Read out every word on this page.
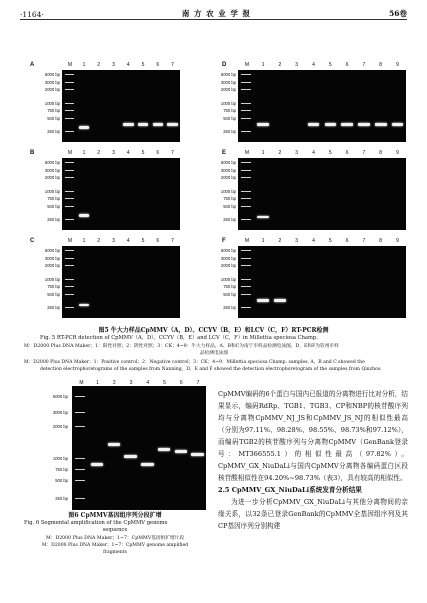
·1164·	南 方 农 业 学 报	56卷
A	M 1 2 3 4 5 6 7
5000 bp
3000 bp
2000 bp
1000 bp
750 bp
500 bp
250 bp
B	M 1 2 3 4 5 6 7
5000 bp
3000 bp
2000 bp
1000 bp
750 bp
500 bp
250 bp
C	M 1 2 3 4 5 6 7
5000 bp
3000 bp
2000 bp
1000 bp
750 bp
500 bp
250 bp
D	M	1	2	3	4	5	6	7	8	9
5000 bp
3000 bp
2000 bp
1000 bp
750 bp
500 bp
250 bp
E	M	1	2	3	4	5	6	7	8	9
5000 bp
3000 bp
2000 bp
1000 bp
750 bp
500 bp
250 bp
F	M	1	2	3	4	5	6	7	8	9
5000 bp
3000 bp
2000 bp
1000 bp
750 bp
500 bp
250 bp
图5 牛大力样品CpMMV（A，D）、CCYV（B，E）和LCV（C，F）RT-PCR检测
Fig. 5 RT-PCR detection of CpMMV（A，D），CCYV（B，E）and LCV（C，F）in Millettia speciosa Champ.
M：D2000 Plus DNA Maker；1：阳性对照；2：阴性对照；3：CK；4~9：牛大力样品。A、B和C为南宁市样品检测电泳图，D、E和F为钦州市样
品检测电泳图
M：D2000 Plus DNA Maker；1：Positive control；2：Negative control；3：CK；4~9：Millettia speciosa Champ. samples. A，B and C showed the
detection electrophoretograms of the samples from Nanning，D，E and F showed the detection electrophoretogram of the samples from Qinzhou
M	1	2	3	4	5	6	7
5000 bp
3000 bp
2000 bp
1000 bp
750 bp
500 bp
250 bp
图6 CpMMV基因组序列分段扩增
Fig. 6 Segmental amplification of the CpMMV genome
sequence
M：D2000 Plus DNA Maker；1~7：CpMMV基因组扩增片段
M：D2000 Plus DNA Maker；1~7：CpMMV genome amplified
fragments

CpMMV编码的6个蛋白与国内已报道的分离物进行比对分析，结果显示，编码RdRp、TGB1、TGB3、CP和NBP的核苷酸序列均与分离物CpMMV_NJ_JS和CpMMV_JS_NJ的相似性最高（分别为97.11%、98.28%、98.55%、98.73%和97.12%），而编码TGB2的核苷酸序列与分离物CpMMV（GenBank登录号：MT366555.1）的相似性最高（97.82%）。CpMMV_GX_NiuDaLi与国内CpMMV分离物各编码蛋白区段核苷酸相似性在94.20%~98.73%（表3），具有较高的相似性。

2.5 CpMMV_GX_NiuDaLi系统发育分析结果

为进一步分析CpMMV_GX_NiuDaLi与其他分离物间的亲缘关系，以32条已登录GenBank的CpMMV全基因组序列及其CP基因序列分别构建
